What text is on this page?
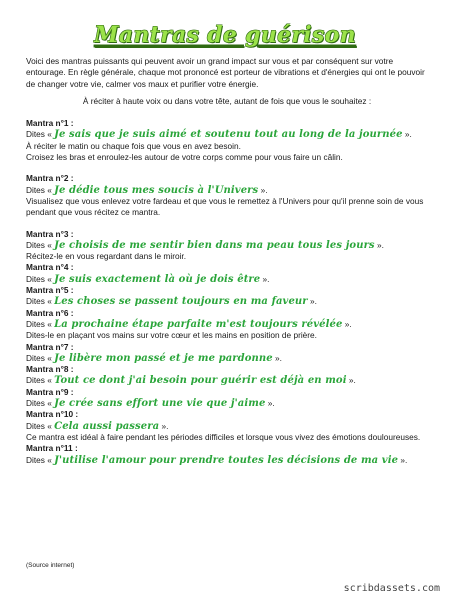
Mantras de guérison

Voici des mantras puissants qui peuvent avoir un grand impact sur vous et par conséquent sur votre entourage. En règle générale, chaque mot prononcé est porteur de vibrations et d'énergies qui ont le pouvoir de changer votre vie, calmer vos maux et purifier votre énergie.

À réciter à haute voix ou dans votre tête, autant de fois que vous le souhaitez :

Mantra n°1 :
Dites « Je sais que je suis aimé et soutenu tout au long de la journée ».
À réciter le matin ou chaque fois que vous en avez besoin.
Croisez les bras et enroulez-les autour de votre corps comme pour vous faire un câlin.
Mantra n°2 :
Dites « Je dédie tous mes soucis à l'Univers ».
Visualisez que vous enlevez votre fardeau et que vous le remettez à l'Univers pour qu'il prenne soin de vous pendant que vous récitez ce mantra.
Mantra n°3 :
Dites « Je choisis de me sentir bien dans ma peau tous les jours ».
Récitez-le en vous regardant dans le miroir.
Mantra n°4 :
Dites « Je suis exactement là où je dois être ».
Mantra n°5 :
Dites « Les choses se passent toujours en ma faveur ».
Mantra n°6 :
Dites « La prochaine étape parfaite m'est toujours révélée ».
Dites-le en plaçant vos mains sur votre cœur et les mains en position de prière.
Mantra n°7 :
Dites « Je libère mon passé et je me pardonne ».
Mantra n°8 :
Dites « Tout ce dont j'ai besoin pour guérir est déjà en moi ».
Mantra n°9 :
Dites « Je crée sans effort une vie que j'aime ».
Mantra n°10 :
Dites « Cela aussi passera ».
Ce mantra est idéal à faire pendant les périodes difficiles et lorsque vous vivez des émotions douloureuses.
Mantra n°11 :
Dites « J'utilise l'amour pour prendre toutes les décisions de ma vie ».
(Source internet)
scribdassets.com
